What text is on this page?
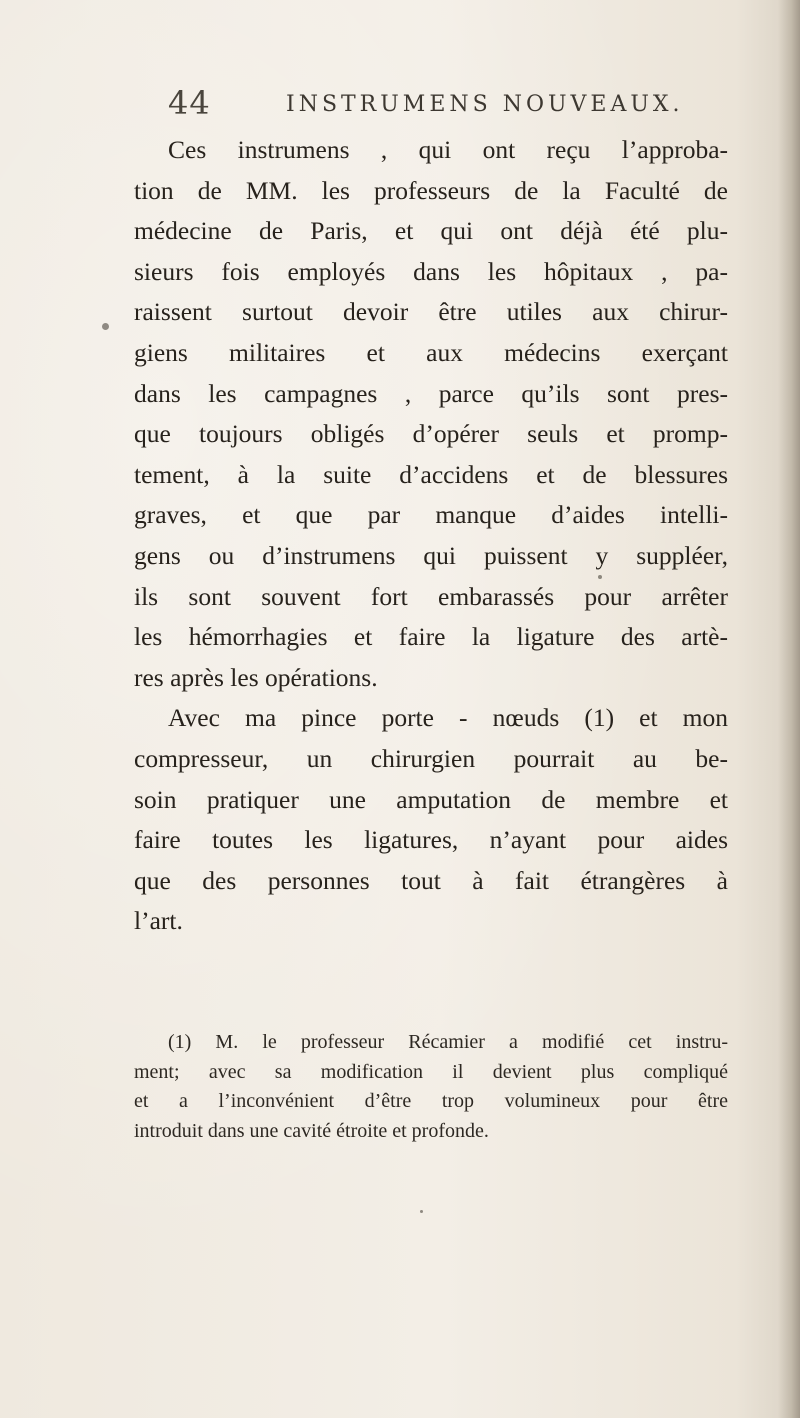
44	INSTRUMENS NOUVEAUX.
Ces instrumens , qui ont reçu l’approba-
tion de MM. les professeurs de la Faculté de
médecine de Paris, et qui ont déjà été plu-
sieurs fois employés dans les hôpitaux , pa-
raissent surtout devoir être utiles aux chirur-
giens militaires et aux médecins exerçant
dans les campagnes , parce qu’ils sont pres-
que toujours obligés d’opérer seuls et promp-
tement, à la suite d’accidens et de blessures
graves, et que par manque d’aides intelli-
gens ou d’instrumens qui puissent y suppléer,
ils sont souvent fort embarassés pour arrêter
les hémorrhagies et faire la ligature des artè-
res après les opérations.
Avec ma pince porte - nœuds (1) et mon
compresseur, un chirurgien pourrait au be-
soin pratiquer une amputation de membre et
faire toutes les ligatures, n’ayant pour aides
que des personnes tout à fait étrangères à
l’art.
(1) M. le professeur Récamier a modifié cet instru-
ment; avec sa modification il devient plus compliqué
et a l’inconvénient d’être trop volumineux pour être
introduit dans une cavité étroite et profonde.
